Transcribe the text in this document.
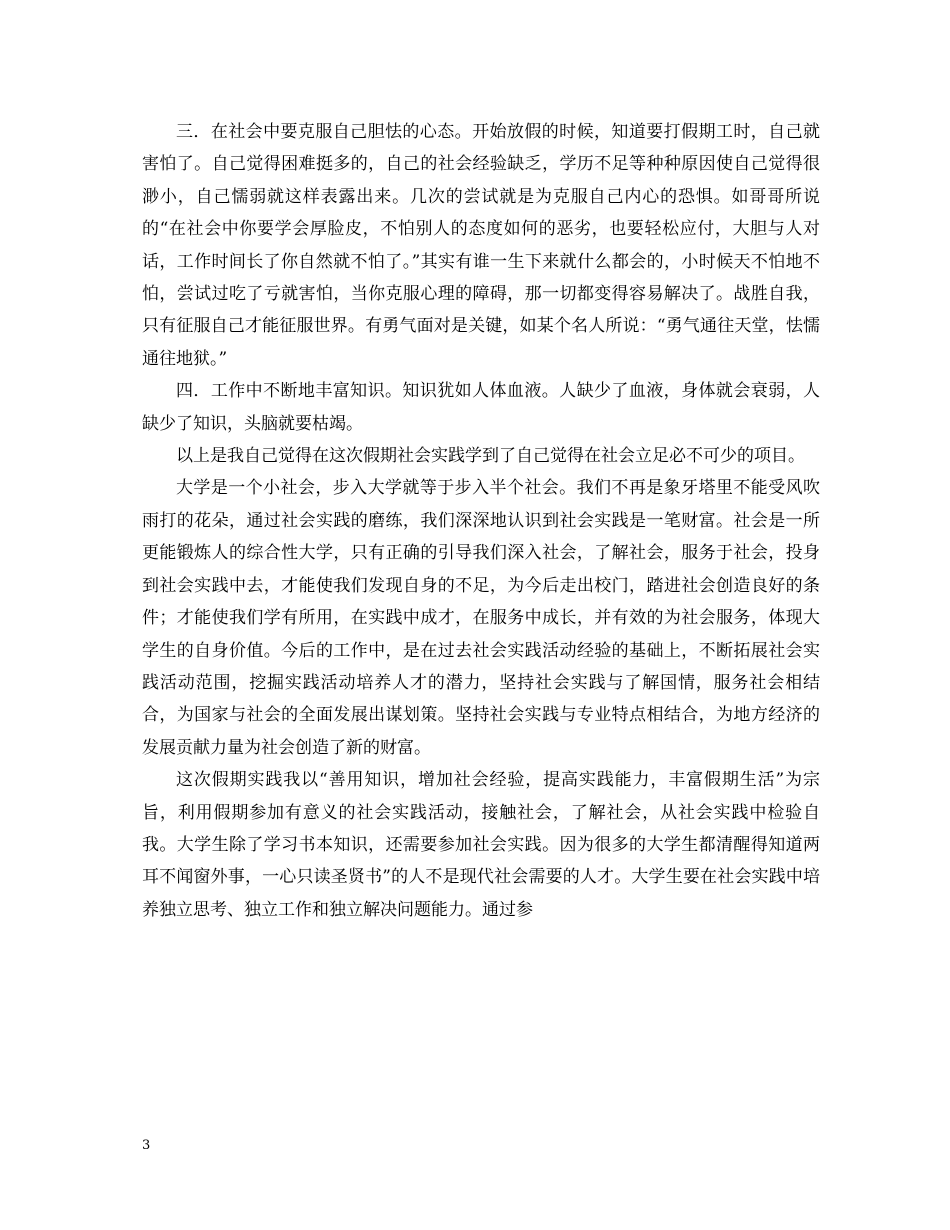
三．在社会中要克服自己胆怯的心态。开始放假的时候，知道要打假期工时，自己就害怕了。自己觉得困难挺多的，自己的社会经验缺乏，学历不足等种种原因使自己觉得很渺小，自己懦弱就这样表露出来。几次的尝试就是为克服自己内心的恐惧。如哥哥所说的“在社会中你要学会厚脸皮，不怕别人的态度如何的恶劣，也要轻松应付，大胆与人对话，工作时间长了你自然就不怕了。”其实有谁一生下来就什么都会的，小时候天不怕地不怕，尝试过吃了亏就害怕，当你克服心理的障碍，那一切都变得容易解决了。战胜自我，只有征服自己才能征服世界。有勇气面对是关键，如某个名人所说：“勇气通往天堂，怯懦通往地狱。”

四．工作中不断地丰富知识。知识犹如人体血液。人缺少了血液，身体就会衰弱，人缺少了知识，头脑就要枯竭。

以上是我自己觉得在这次假期社会实践学到了自己觉得在社会立足必不可少的项目。

大学是一个小社会，步入大学就等于步入半个社会。我们不再是象牙塔里不能受风吹雨打的花朵，通过社会实践的磨练，我们深深地认识到社会实践是一笔财富。社会是一所更能锻炼人的综合性大学，只有正确的引导我们深入社会，了解社会，服务于社会，投身到社会实践中去，才能使我们发现自身的不足，为今后走出校门，踏进社会创造良好的条件；才能使我们学有所用，在实践中成才，在服务中成长，并有效的为社会服务，体现大学生的自身价值。今后的工作中，是在过去社会实践活动经验的基础上，不断拓展社会实践活动范围，挖掘实践活动培养人才的潜力，坚持社会实践与了解国情，服务社会相结合，为国家与社会的全面发展出谋划策。坚持社会实践与专业特点相结合，为地方经济的发展贡献力量为社会创造了新的财富。

这次假期实践我以“善用知识，增加社会经验，提高实践能力，丰富假期生活”为宗旨，利用假期参加有意义的社会实践活动，接触社会，了解社会，从社会实践中检验自我。大学生除了学习书本知识，还需要参加社会实践。因为很多的大学生都清醒得知道两耳不闻窗外事，一心只读圣贤书”的人不是现代社会需要的人才。大学生要在社会实践中培养独立思考、独立工作和独立解决问题能力。通过参

3
